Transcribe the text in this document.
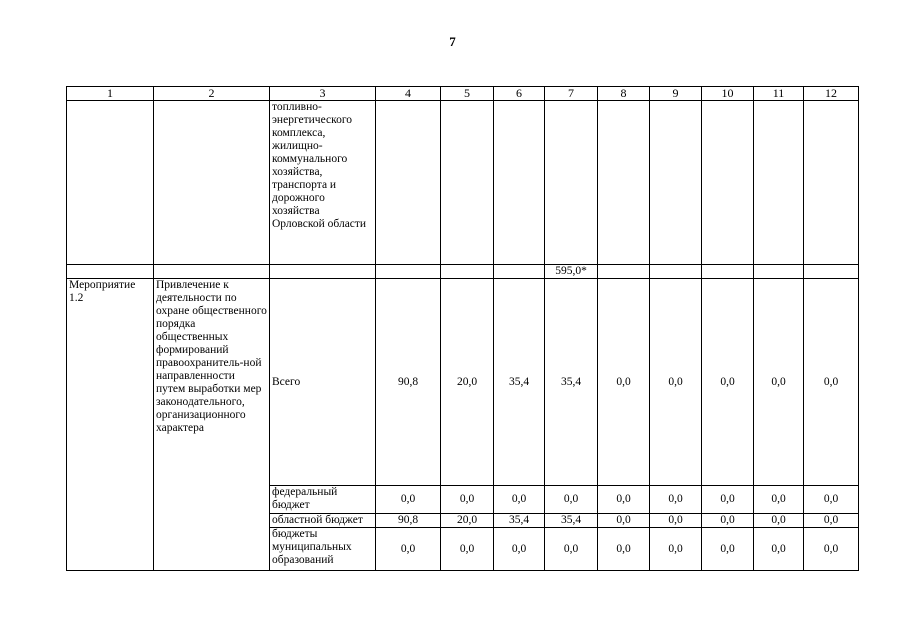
7
1	2	3	4	5	6	7	8	9	10	11	12
		топливно-энергетического комплекса, жилищно-коммунального хозяйства, транспорта и дорожного хозяйства Орловской области									
						595,0*					
Мероприятие 1.2	Привлечение к деятельности по охране общественного порядка общественных формирований правоохранитель-ной направленности путем выработки мер законодательного, организационного характера	Всего	90,8	20,0	35,4	35,4	0,0	0,0	0,0	0,0	0,0
		федеральный бюджет	0,0	0,0	0,0	0,0	0,0	0,0	0,0	0,0	0,0
		областной бюджет	90,8	20,0	35,4	35,4	0,0	0,0	0,0	0,0	0,0
		бюджеты муниципальных образований	0,0	0,0	0,0	0,0	0,0	0,0	0,0	0,0	0,0
